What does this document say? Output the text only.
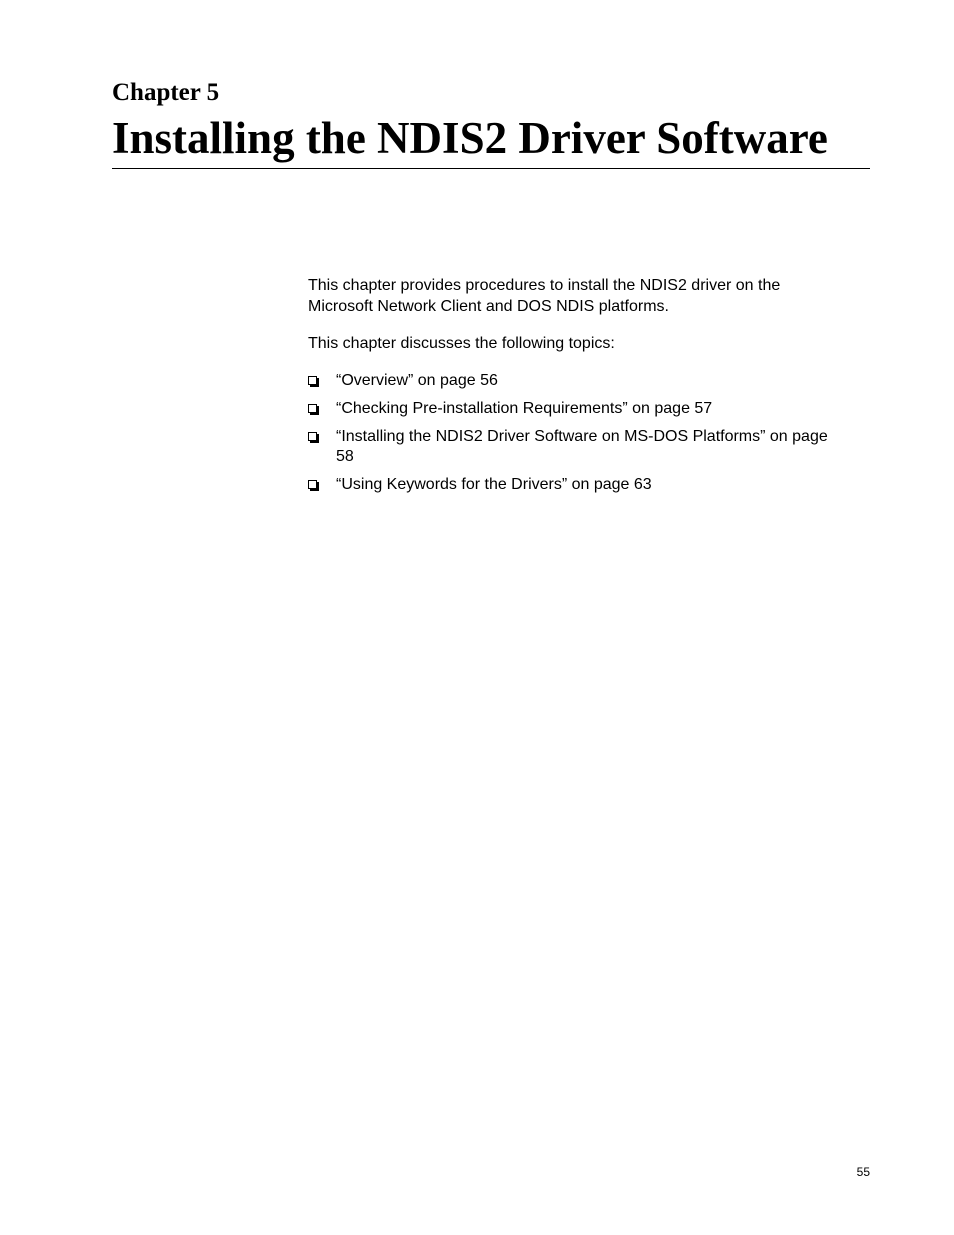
Chapter 5
Installing the NDIS2 Driver Software

This chapter provides procedures to install the NDIS2 driver on the Microsoft Network Client and DOS NDIS platforms.

This chapter discusses the following topics:

“Overview” on page 56
“Checking Pre-installation Requirements” on page 57
“Installing the NDIS2 Driver Software on MS-DOS Platforms” on page 58
“Using Keywords for the Drivers” on page 63
55
